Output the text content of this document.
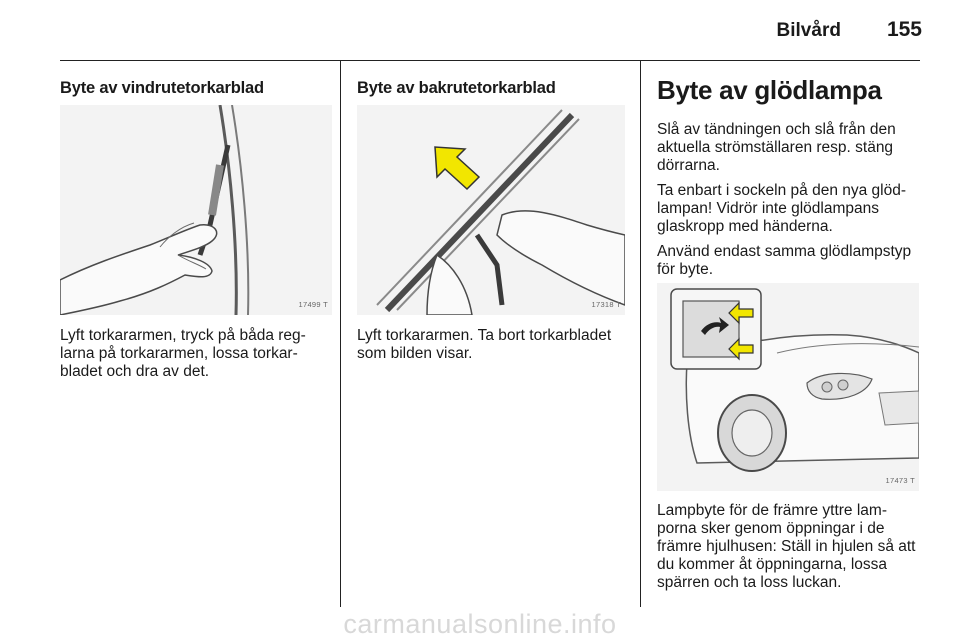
Bilvård 155
Byte av vindrutetorkarblad
17499 T

Lyft torkararmen, tryck på båda reg-

larna på torkararmen, lossa torkar-

bladet och dra av det.

Byte av bakrutetorkarblad
17318 T

Lyft torkararmen. Ta bort torkarbladet

som bilden visar.

Byte av glödlampa

Slå av tändningen och slå från den
aktuella strömställaren resp. stäng
dörrarna.

Ta enbart i sockeln på den nya glöd-
lampan! Vidrör inte glödlampans
glaskropp med händerna.

Använd endast samma glödlampstyp
för byte.

17473 T

Lampbyte för de främre yttre lam-

porna sker genom öppningar i de

främre hjulhusen: Ställ in hjulen så att

du kommer åt öppningarna, lossa

spärren och ta loss luckan.

carmanualsonline.info
